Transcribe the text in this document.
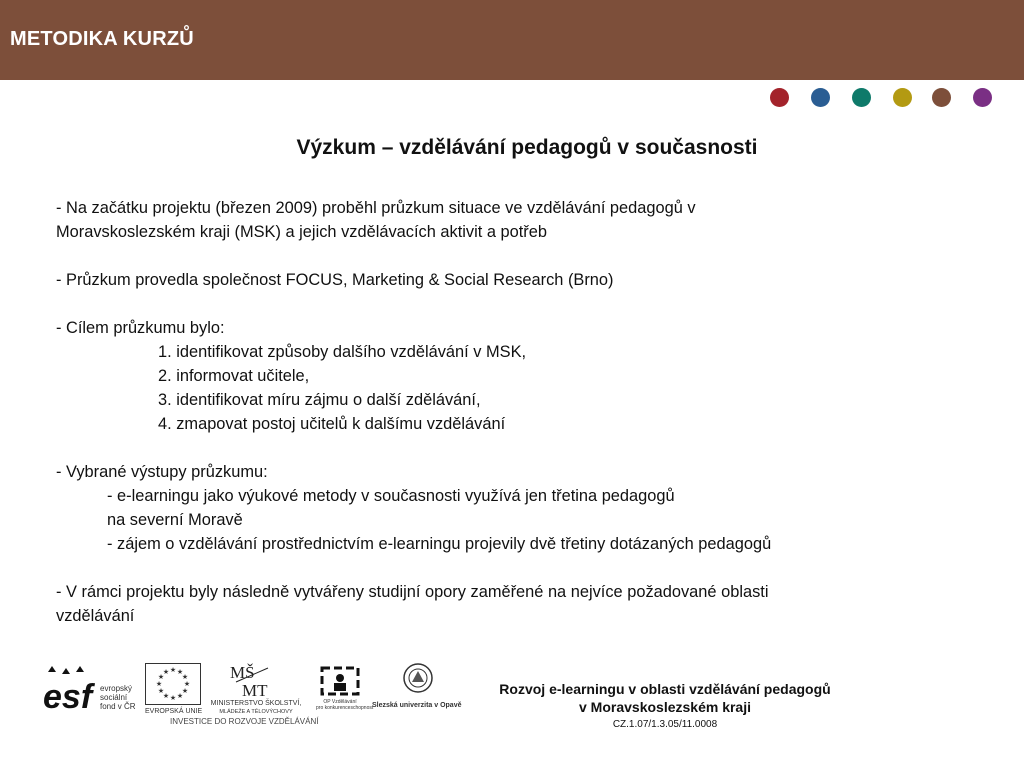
METODIKA KURZŮ
Výzkum – vzdělávání pedagogů v současnosti
- Na začátku projektu (březen 2009) proběhl průzkum situace ve vzdělávání pedagogů v
Moravskoslezském kraji (MSK) a jejich vzdělávacích aktivit a potřeb
- Průzkum provedla společnost FOCUS, Marketing & Social Research (Brno)
- Cílem průzkumu bylo:
1. identifikovat způsoby dalšího vzdělávání v MSK,
2. informovat učitele,
3. identifikovat míru zájmu o další zdělávání,
4. zmapovat postoj učitelů k dalšímu vzdělávání
- Vybrané výstupy průzkumu:
- e-learningu jako výukové metody v současnosti využívá jen třetina pedagogů
na severní Moravě
- zájem o vzdělávání prostřednictvím e-learningu projevily dvě třetiny dotázaných pedagogů
- V rámci projektu byly následně vytvářeny studijní opory zaměřené na nejvíce požadované oblasti
vzdělávání
esf evropský
sociální
fond v ČR
★ ★
★
★
★
★
★
★
★
★
★
★
EVROPSKÁ UNIE
MŠ
MT
MINISTERSTVO ŠKOLSTVÍ,
MLÁDEŽE A TĚLOVÝCHOVY
OP Vzdělávání
pro konkurenceschopnost
Slezská univerzita v Opavě
INVESTICE DO ROZVOJE VZDĚLÁVÁNÍ
Rozvoj e-learningu v oblasti vzdělávání pedagogů
v Moravskoslezském kraji
CZ.1.07/1.3.05/11.0008
